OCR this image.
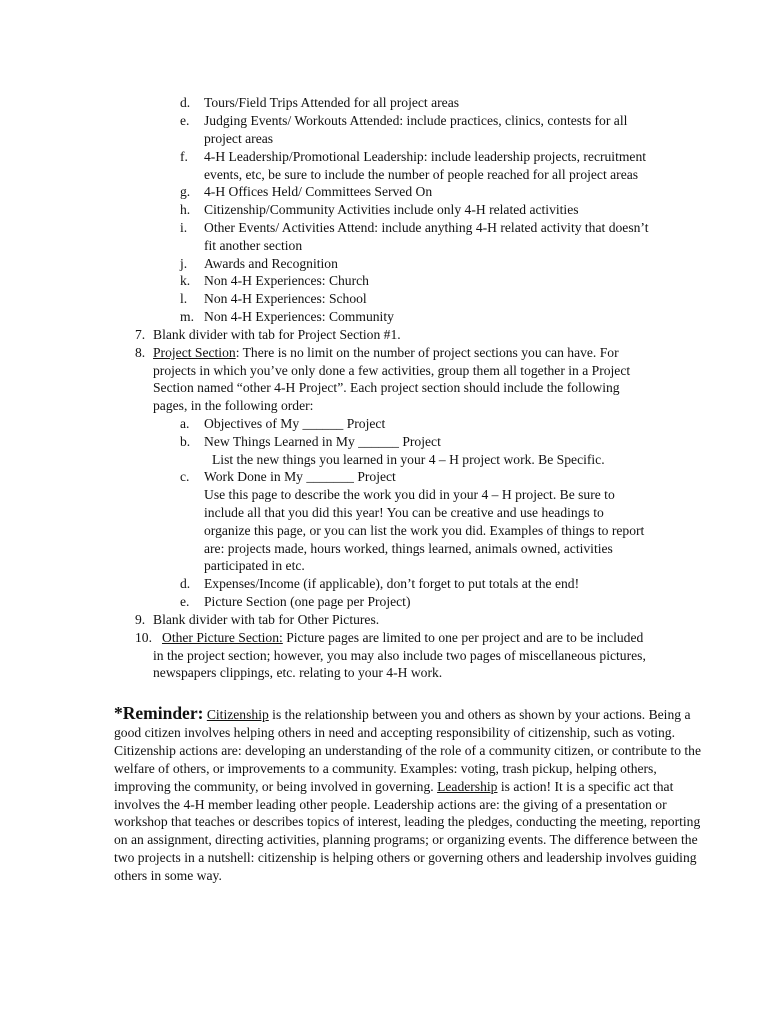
d. Tours/Field Trips Attended for all project areas
e. Judging Events/ Workouts Attended: include practices, clinics, contests for all
project areas
f. 4-H Leadership/Promotional Leadership: include leadership projects, recruitment
events, etc, be sure to include the number of people reached for all project areas
g. 4-H Offices Held/ Committees Served On
h. Citizenship/Community Activities include only 4-H related activities
i. Other Events/ Activities Attend: include anything 4-H related activity that doesn’t
fit another section
j. Awards and Recognition
k. Non 4-H Experiences: Church
l. Non 4-H Experiences: School
m. Non 4-H Experiences: Community
7. Blank divider with tab for Project Section #1.
8. Project Section: There is no limit on the number of project sections you can have. For
projects in which you’ve only done a few activities, group them all together in a Project
Section named “other 4-H Project”. Each project section should include the following
pages, in the following order:
a. Objectives of My ______ Project
b. New Things Learned in My ______ Project
List the new things you learned in your 4 – H project work. Be Specific.
c. Work Done in My _______ Project
Use this page to describe the work you did in your 4 – H project. Be sure to
include all that you did this year! You can be creative and use headings to
organize this page, or you can list the work you did. Examples of things to report
are: projects made, hours worked, things learned, animals owned, activities
participated in etc.
d. Expenses/Income (if applicable), don’t forget to put totals at the end!
e. Picture Section (one page per Project)
9. Blank divider with tab for Other Pictures.
10. Other Picture Section: Picture pages are limited to one per project and are to be included
in the project section; however, you may also include two pages of miscellaneous pictures,
newspapers clippings, etc. relating to your 4-H work.
*Reminder: Citizenship is the relationship between you and others as shown by your actions. Being a good citizen involves helping others in need and accepting responsibility of citizenship, such as voting. Citizenship actions are: developing an understanding of the role of a community citizen, or contribute to the welfare of others, or improvements to a community. Examples: voting, trash pickup, helping others, improving the community, or being involved in governing. Leadership is action! It is a specific act that involves the 4-H member leading other people. Leadership actions are: the giving of a presentation or workshop that teaches or describes topics of interest, leading the pledges, conducting the meeting, reporting on an assignment, directing activities, planning programs; or organizing events. The difference between the two projects in a nutshell: citizenship is helping others or governing others and leadership involves guiding others in some way.
